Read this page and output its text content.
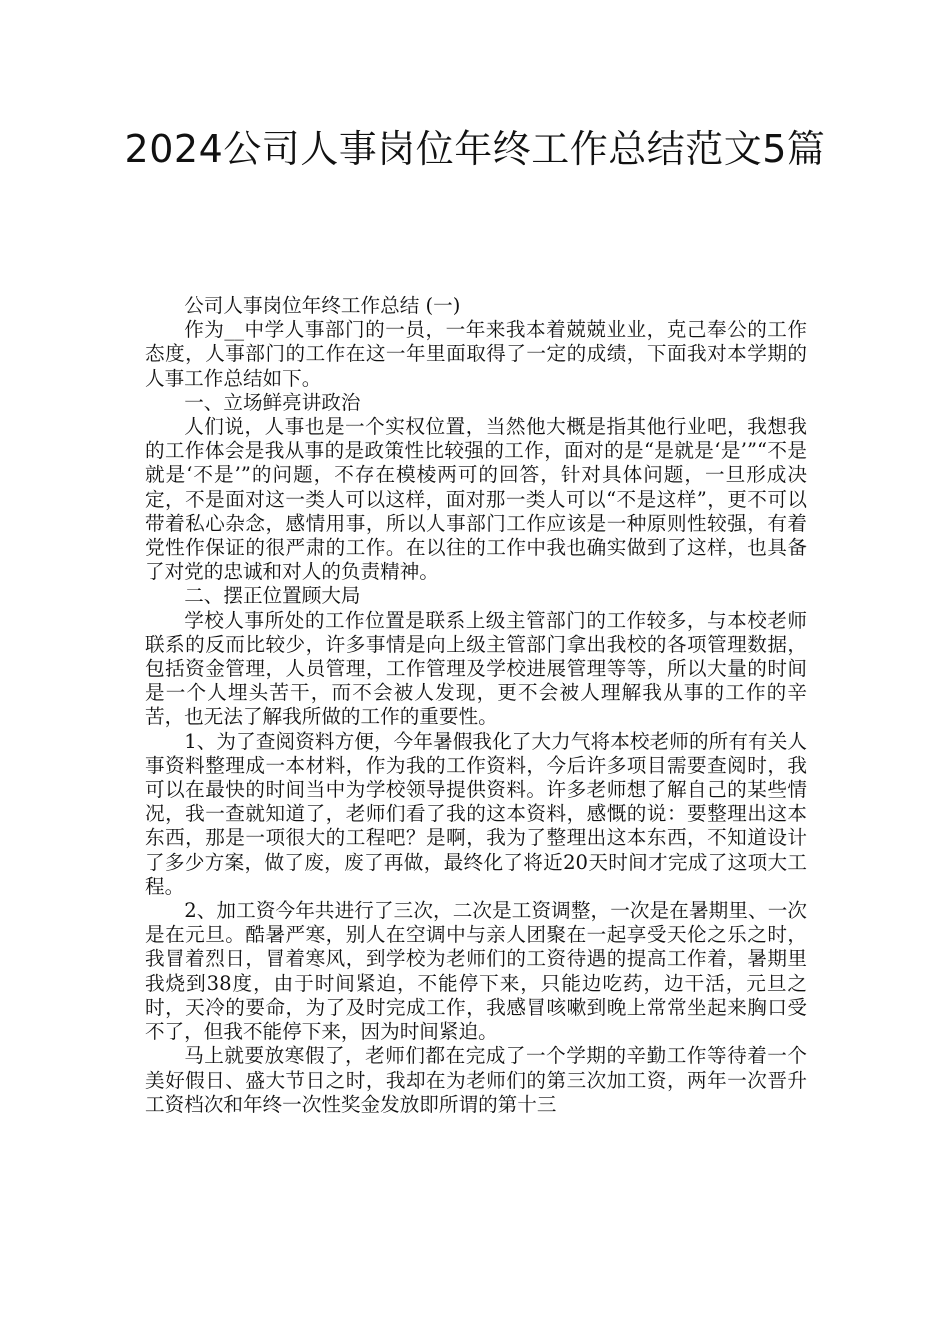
2024公司人事岗位年终工作总结范文5篇

公司人事岗位年终工作总结 (一)

作为__中学人事部门的一员，一年来我本着兢兢业业，克己奉公的工作态度，人事部门的工作在这一年里面取得了一定的成绩，下面我对本学期的人事工作总结如下。

一、立场鲜亮讲政治

人们说，人事也是一个实权位置，当然他大概是指其他行业吧，我想我的工作体会是我从事的是政策性比较强的工作，面对的是“是就是‘是’”“不是就是‘不是’”的问题，不存在模棱两可的回答，针对具体问题，一旦形成决定，不是面对这一类人可以这样，面对那一类人可以“不是这样”，更不可以带着私心杂念，感情用事，所以人事部门工作应该是一种原则性较强，有着党性作保证的很严肃的工作。在以往的工作中我也确实做到了这样，也具备了对党的忠诚和对人的负责精神。

二、摆正位置顾大局

学校人事所处的工作位置是联系上级主管部门的工作较多，与本校老师联系的反而比较少，许多事情是向上级主管部门拿出我校的各项管理数据，包括资金管理，人员管理，工作管理及学校进展管理等等，所以大量的时间是一个人埋头苦干，而不会被人发现，更不会被人理解我从事的工作的辛苦，也无法了解我所做的工作的重要性。

1、为了查阅资料方便，今年暑假我化了大力气将本校老师的所有有关人事资料整理成一本材料，作为我的工作资料，今后许多项目需要查阅时，我可以在最快的时间当中为学校领导提供资料。许多老师想了解自己的某些情况，我一查就知道了，老师们看了我的这本资料，感慨的说：要整理出这本东西，那是一项很大的工程吧？是啊，我为了整理出这本东西，不知道设计了多少方案，做了废，废了再做，最终化了将近20天时间才完成了这项大工程。

2、加工资今年共进行了三次，二次是工资调整，一次是在暑期里、一次是在元旦。酷暑严寒，别人在空调中与亲人团聚在一起享受天伦之乐之时，我冒着烈日，冒着寒风，到学校为老师们的工资待遇的提高工作着，暑期里我烧到38度，由于时间紧迫，不能停下来，只能边吃药，边干活，元旦之时，天冷的要命，为了及时完成工作，我感冒咳嗽到晚上常常坐起来胸口受不了，但我不能停下来，因为时间紧迫。

马上就要放寒假了，老师们都在完成了一个学期的辛勤工作等待着一个美好假日、盛大节日之时，我却在为老师们的第三次加工资，两年一次晋升工资档次和年终一次性奖金发放即所谓的第十三
